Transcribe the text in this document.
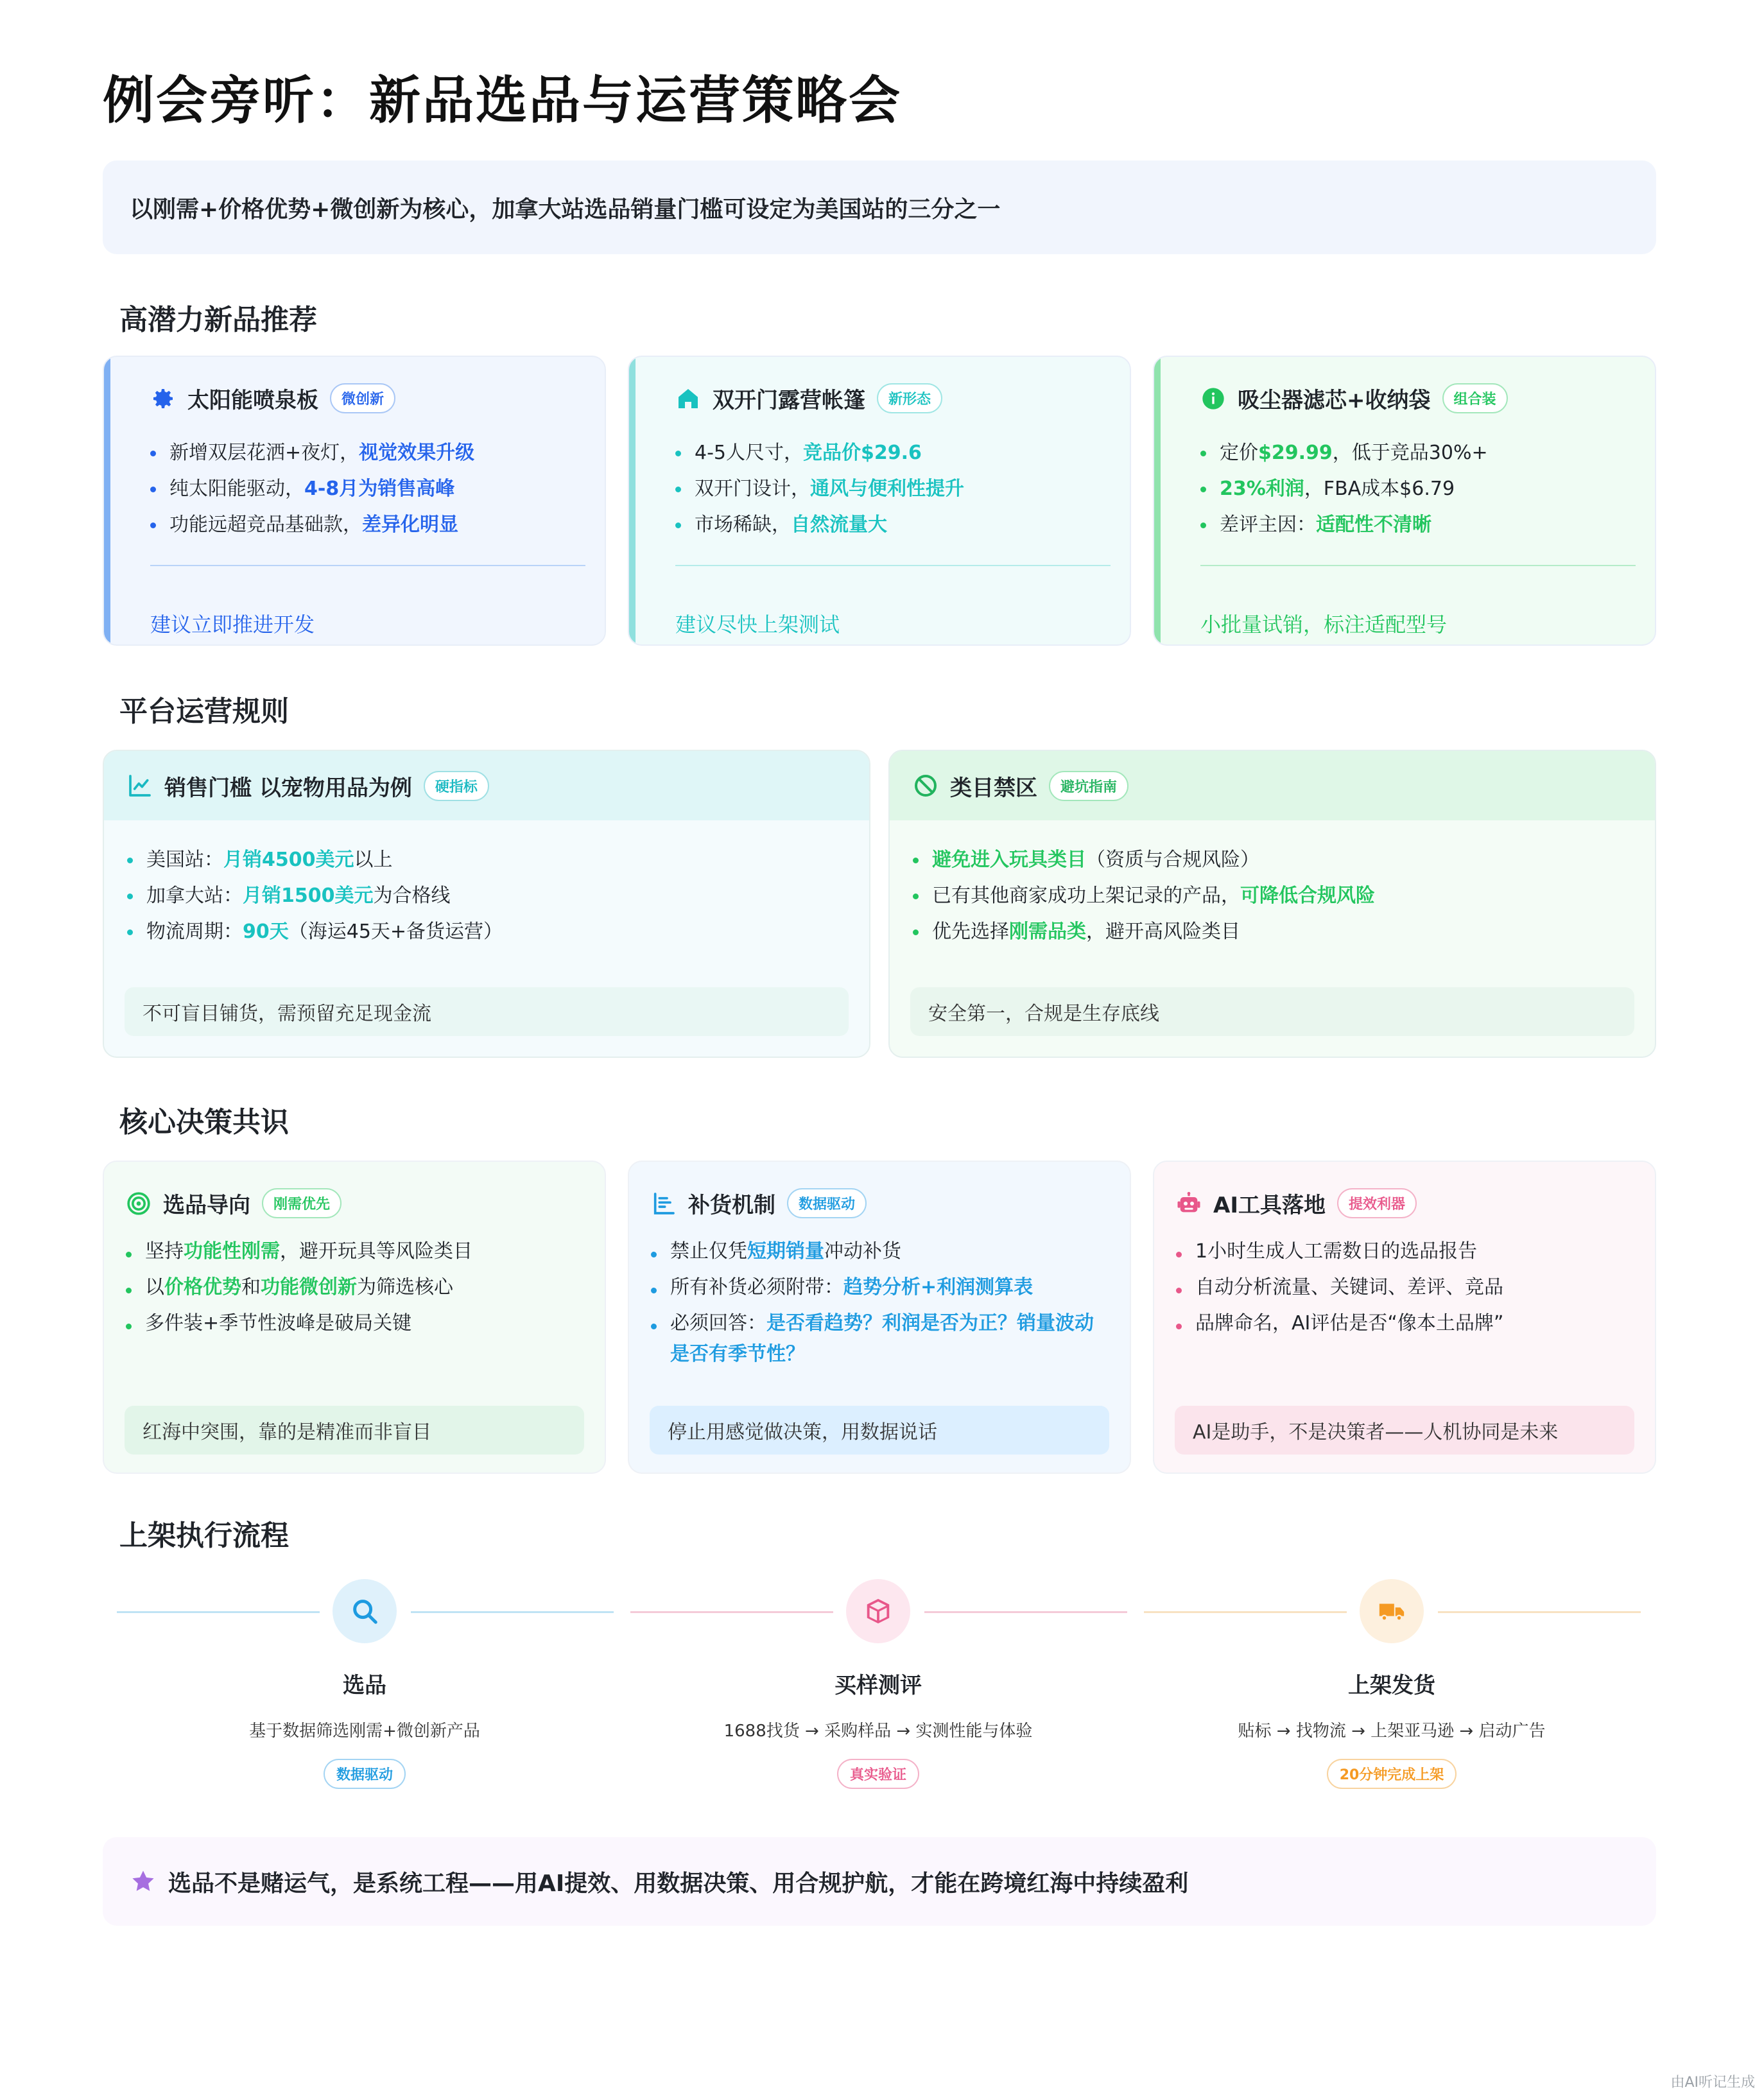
例会旁听：新品选品与运营策略会
以刚需+价格优势+微创新为核心，加拿大站选品销量门槛可设定为美国站的三分之一
高潜力新品推荐
太阳能喷泉板	微创新
新增双层花洒+夜灯，视觉效果升级
纯太阳能驱动，4-8月为销售高峰
功能远超竞品基础款，差异化明显
建议立即推进开发
双开门露营帐篷	新形态
4-5人尺寸，竞品价$29.6
双开门设计，通风与便利性提升
市场稀缺，自然流量大
建议尽快上架测试
吸尘器滤芯+收纳袋	组合装
定价$29.99，低于竞品30%+
23%利润，FBA成本$6.79
差评主因：适配性不清晰
小批量试销，标注适配型号
平台运营规则
销售门槛 以宠物用品为例	硬指标
美国站：月销4500美元以上
加拿大站：月销1500美元为合格线
物流周期：90天（海运45天+备货运营）
不可盲目铺货，需预留充足现金流
类目禁区	避坑指南
避免进入玩具类目（资质与合规风险）
已有其他商家成功上架记录的产品，可降低合规风险
优先选择刚需品类，避开高风险类目
安全第一，合规是生存底线
核心决策共识
选品导向	刚需优先
坚持功能性刚需，避开玩具等风险类目
以价格优势和功能微创新为筛选核心
多件装+季节性波峰是破局关键
红海中突围，靠的是精准而非盲目
补货机制	数据驱动
禁止仅凭短期销量冲动补货
所有补货必须附带：趋势分析+利润测算表
必须回答：是否看趋势？利润是否为正？销量波动是否有季节性？
停止用感觉做决策，用数据说话
AI工具落地	提效利器
1小时生成人工需数日的选品报告
自动分析流量、关键词、差评、竞品
品牌命名，AI评估是否“像本土品牌”
AI是助手，不是决策者——人机协同是未来
上架执行流程
选品
基于数据筛选刚需+微创新产品
数据驱动
买样测评
1688找货 → 采购样品 → 实测性能与体验
真实验证
上架发货
贴标 → 找物流 → 上架亚马逊 → 启动广告
20分钟完成上架
选品不是赌运气，是系统工程——用AI提效、用数据决策、用合规护航，才能在跨境红海中持续盈利
由AI听记生成
